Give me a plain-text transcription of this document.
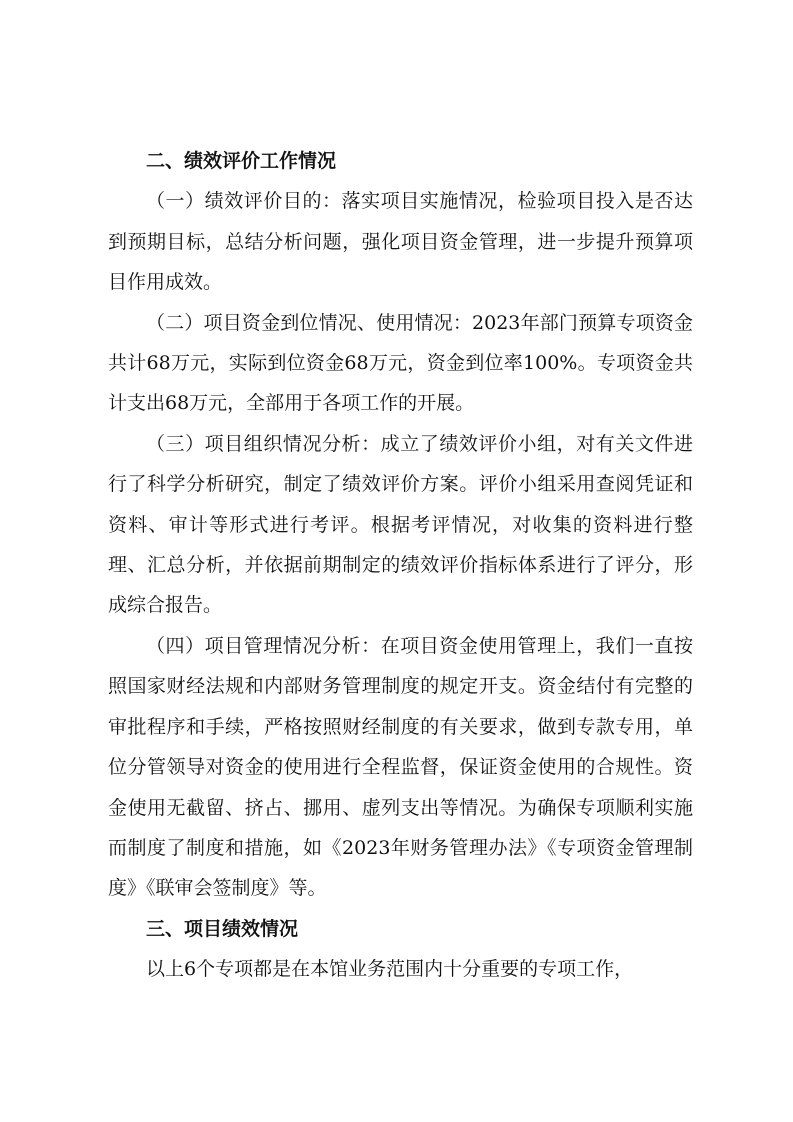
二、绩效评价工作情况

（一）绩效评价目的：落实项目实施情况，检验项目投入是否达到预期目标，总结分析问题，强化项目资金管理，进一步提升预算项目作用成效。

（二）项目资金到位情况、使用情况：2023年部门预算专项资金共计68万元，实际到位资金68万元，资金到位率100%。专项资金共计支出68万元，全部用于各项工作的开展。

（三）项目组织情况分析：成立了绩效评价小组，对有关文件进行了科学分析研究，制定了绩效评价方案。评价小组采用查阅凭证和资料、审计等形式进行考评。根据考评情况，对收集的资料进行整理、汇总分析，并依据前期制定的绩效评价指标体系进行了评分，形成综合报告。

（四）项目管理情况分析：在项目资金使用管理上，我们一直按照国家财经法规和内部财务管理制度的规定开支。资金结付有完整的审批程序和手续，严格按照财经制度的有关要求，做到专款专用，单位分管领导对资金的使用进行全程监督，保证资金使用的合规性。资金使用无截留、挤占、挪用、虚列支出等情况。为确保专项顺利实施而制度了制度和措施，如《2023年财务管理办法》《专项资金管理制度》《联审会签制度》等。

三、项目绩效情况

以上6个专项都是在本馆业务范围内十分重要的专项工作，
